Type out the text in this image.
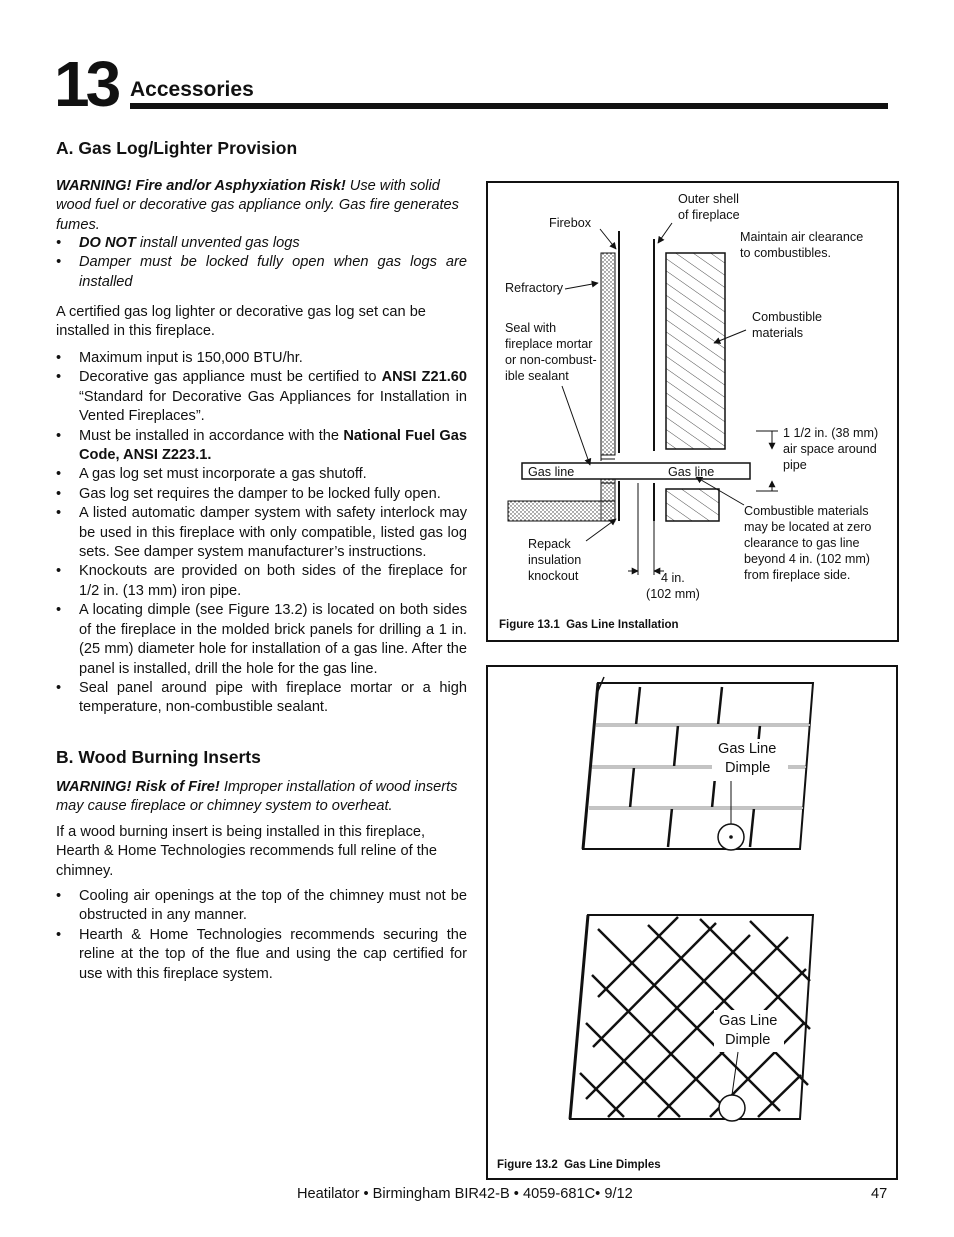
13 Accessories
A. Gas Log/Lighter Provision

WARNING! Fire and/or Asphyxiation Risk! Use with solid wood fuel or decorative gas appliance only. Gas fire generates fumes.

• DO NOT install unvented gas logs
• Damper must be locked fully open when gas logs are installed

A certified gas log lighter or decorative gas log set can be installed in this fireplace.

• Maximum input is 150,000 BTU/hr.
• Decorative gas appliance must be certified to ANSI Z21.60 “Standard for Decorative Gas Appliances for Installation in Vented Fireplaces”.
• Must be installed in accordance with the National Fuel Gas Code, ANSI Z223.1.
• A gas log set must incorporate a gas shutoff.
• Gas log set requires the damper to be locked fully open.
• A listed automatic damper system with safety interlock may be used in this fireplace with only compatible, listed gas log sets. See damper system manufacturer’s instructions.
• Knockouts are provided on both sides of the fireplace for 1/2 in. (13 mm) iron pipe.
• A locating dimple (see Figure 13.2) is located on both sides of the fireplace in the molded brick panels for drilling a 1 in. (25 mm) diameter hole for installation of a gas line. After the panel is installed, drill the hole for the gas line.
• Seal panel around pipe with fireplace mortar or a high temperature, non-combustible sealant.
B. Wood Burning Inserts

WARNING! Risk of Fire! Improper installation of wood inserts may cause fireplace or chimney system to overheat.

If a wood burning insert is being installed in this fireplace, Hearth & Home Technologies recommends full reline of the chimney.

• Cooling air openings at the top of the chimney must not be obstructed in any manner.
• Hearth & Home Technologies recommends securing the reline at the top of the flue and using the cap certified for use with this fireplace system.
Firebox
Outer shell
of fireplace
Maintain air clearance
to combustibles.
Refractory
Combustible
materials
Seal with
fireplace mortar
or non-combust-
ible sealant
1 1/2 in. (38 mm)
air space around
pipe
Gas line	Gas line
Combustible materials
may be located at zero
clearance to gas line
beyond 4 in. (102 mm)
from fireplace side.
Repack
insulation
knockout	4 in.
(102 mm)
Figure 13.1 Gas Line Installation
Gas Line
Dimple
Gas Line
Dimple
Figure 13.2 Gas Line Dimples
Heatilator • Birmingham BIR42-B • 4059-681C• 9/12	47
